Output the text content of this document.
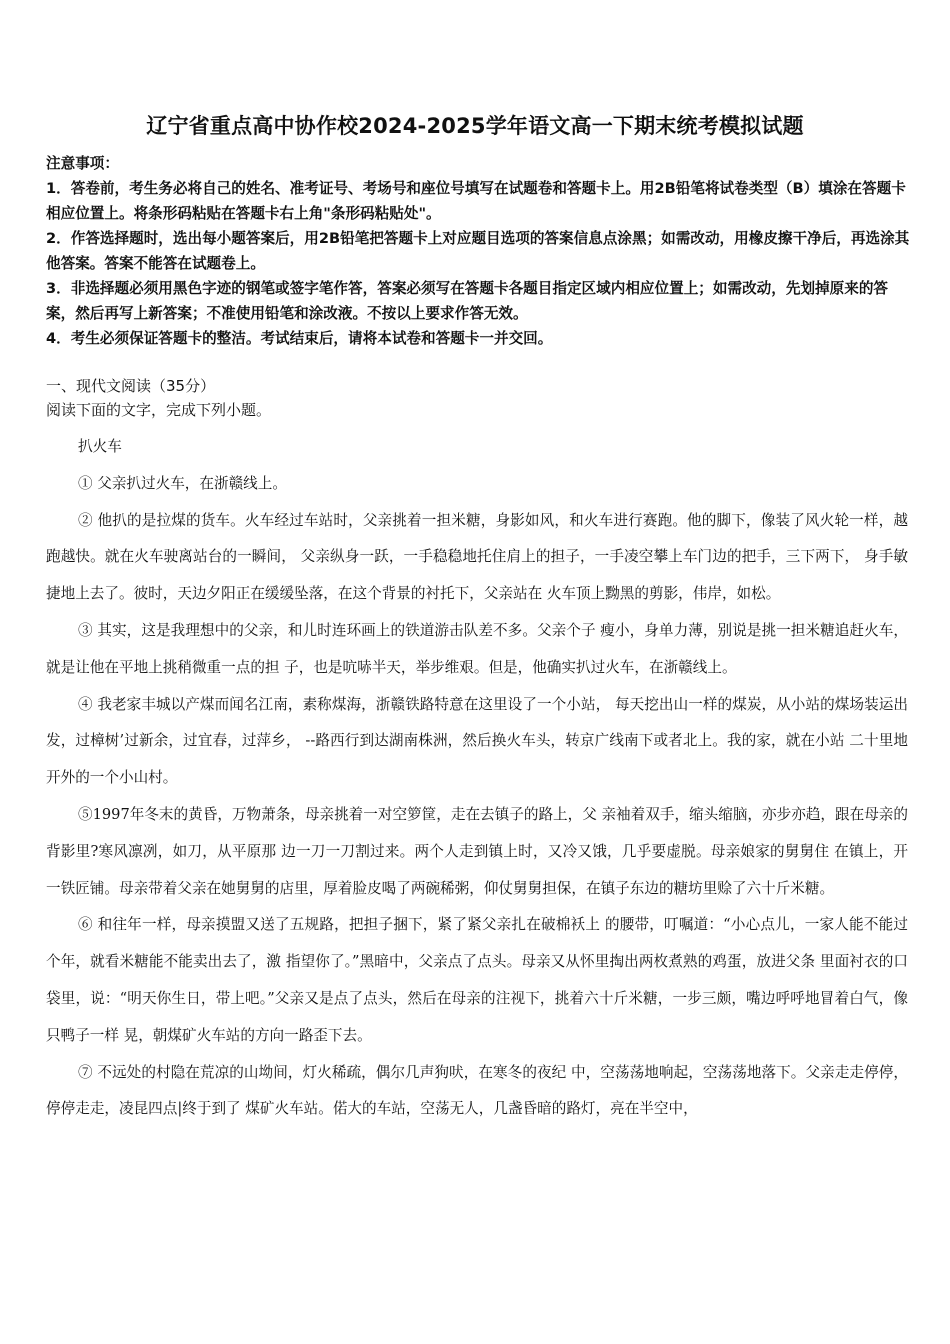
辽宁省重点高中协作校2024-2025学年语文高一下期末统考模拟试题

注意事项：

1．答卷前，考生务必将自己的姓名、准考证号、考场号和座位号填写在试题卷和答题卡上。用2B铅笔将试卷类型（B）填涂在答题卡相应位置上。将条形码粘贴在答题卡右上角"条形码粘贴处"。

2．作答选择题时，选出每小题答案后，用2B铅笔把答题卡上对应题目选项的答案信息点涂黑；如需改动，用橡皮擦干净后，再选涂其他答案。答案不能答在试题卷上。

3．非选择题必须用黑色字迹的钢笔或签字笔作答，答案必须写在答题卡各题目指定区域内相应位置上；如需改动，先划掉原来的答案，然后再写上新答案；不准使用铅笔和涂改液。不按以上要求作答无效。

4．考生必须保证答题卡的整洁。考试结束后，请将本试卷和答题卡一并交回。

一、现代文阅读（35分）
阅读下面的文字，完成下列小题。

扒火车

① 父亲扒过火车，在浙赣线上。

② 他扒的是拉煤的货车。火车经过车站时，父亲挑着一担米糖，身影如风，和火车进行赛跑。他的脚下，像装了风火轮一样，越跑越快。就在火车驶离站台的一瞬间， 父亲纵身一跃，一手稳稳地托住肩上的担子，一手凌空攀上车门边的把手，三下两下， 身手敏捷地上去了。彼时，天边夕阳正在缓缓坠落，在这个背景的衬托下，父亲站在 火车顶上黝黑的剪影，伟岸，如松。

③ 其实，这是我理想中的父亲，和儿时连环画上的铁道游击队差不多。父亲个子 瘦小，身单力薄，别说是挑一担米糖追赶火车，就是让他在平地上挑稍微重一点的担 子，也是吭哧半天，举步维艰。但是，他确实扒过火车，在浙赣线上。

④ 我老家丰城以产煤而闻名江南，素称煤海，浙赣铁路特意在这里设了一个小站， 每天挖出山一样的煤炭，从小站的煤场装运出发，过樟树’过新余，过宜春，过萍乡， --路西行到达湖南株洲，然后换火车头，转京广线南下或者北上。我的家，就在小站 二十里地开外的一个小山村。

⑤1997年冬末的黄昏，万物萧条，母亲挑着一对空箩筐，走在去镇子的路上，父 亲袖着双手，缩头缩脑，亦步亦趋，跟在母亲的背影里?寒风凛冽，如刀，从平原那 边一刀一刀割过来。两个人走到镇上时，又冷又饿，几乎要虚脱。母亲娘家的舅舅住 在镇上，开一铁匠铺。母亲带着父亲在她舅舅的店里，厚着脸皮喝了两碗稀粥，仰仗舅舅担保，在镇子东边的糖坊里赊了六十斤米糖。

⑥ 和往年一样，母亲摸盟又送了五规路，把担子捆下，紧了紧父亲扎在破棉袄上 的腰带，叮嘱道：“小心点儿，一家人能不能过个年，就看米糖能不能卖出去了，激 指望你了。”黑暗中，父亲点了点头。母亲又从怀里掏出两枚煮熟的鸡蛋，放进父条 里面衬衣的口袋里，说：“明天你生日，带上吧。”父亲又是点了点头，然后在母亲的注视下，挑着六十斤米糖，一步三颇，嘴边呼呼地冒着白气，像只鸭子一样 晃，朝煤矿火车站的方向一路歪下去。

⑦ 不远处的村隐在荒凉的山坳间，灯火稀疏，偶尔几声狗吠，在寒冬的夜纪 中，空荡荡地响起，空荡荡地落下。父亲走走停停，停停走走，凌昆四点|终于到了 煤矿火车站。偌大的车站，空荡无人，几盏昏暗的路灯，亮在半空中，
